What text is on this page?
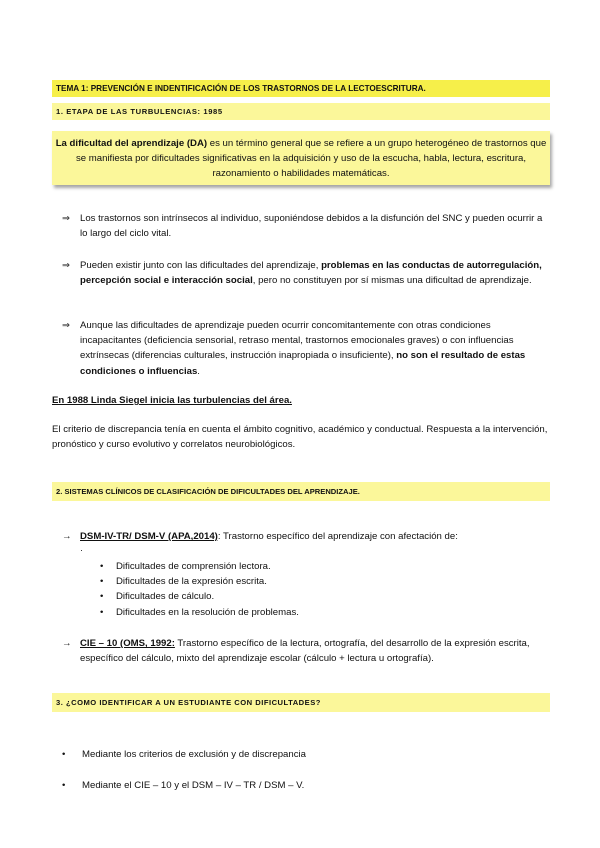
TEMA 1: PREVENCIÓN E INDENTIFICACIÓN DE LOS TRASTORNOS DE LA LECTOESCRITURA.
1. ETAPA DE LAS TURBULENCIAS: 1985
La dificultad del aprendizaje (DA) es un término general que se refiere a un grupo heterogéneo de trastornos que se manifiesta por dificultades significativas en la adquisición y uso de la escucha, habla, lectura, escritura, razonamiento o habilidades matemáticas.
⇒	Los trastornos son intrínsecos al individuo, suponiéndose debidos a la disfunción del SNC y pueden ocurrir a lo largo del ciclo vital.
⇒	Pueden existir junto con las dificultades del aprendizaje, problemas en las conductas de autorregulación, percepción social e interacción social, pero no constituyen por sí mismas una dificultad de aprendizaje.
⇒	Aunque las dificultades de aprendizaje pueden ocurrir concomitantemente con otras condiciones incapacitantes (deficiencia sensorial, retraso mental, trastornos emocionales graves) o con influencias extrínsecas (diferencias culturales, instrucción inapropiada o insuficiente), no son el resultado de estas condiciones o influencias.
En 1988 Linda Siegel inicia las turbulencias del área.
El criterio de discrepancia tenía en cuenta el ámbito cognitivo, académico y conductual. Respuesta a la intervención, pronóstico y curso evolutivo y correlatos neurobiológicos.
2. SISTEMAS CLÍNICOS DE CLASIFICACIÓN DE DIFICULTADES DEL APRENDIZAJE.
→ DSM-IV-TR/ DSM-V (APA,2014): Trastorno específico del aprendizaje con afectación de:
·
• Dificultades de comprensión lectora.
• Dificultades de la expresión escrita.
• Dificultades de cálculo.
• Dificultades en la resolución de problemas.
→ CIE – 10 (OMS, 1992: Trastorno específico de la lectura, ortografía, del desarrollo de la expresión escrita, específico del cálculo, mixto del aprendizaje escolar (cálculo + lectura u ortografía).
3. ¿COMO IDENTIFICAR A UN ESTUDIANTE CON DIFICULTADES?
• Mediante los criterios de exclusión y de discrepancia
• Mediante el CIE – 10 y el DSM – IV – TR / DSM – V.
